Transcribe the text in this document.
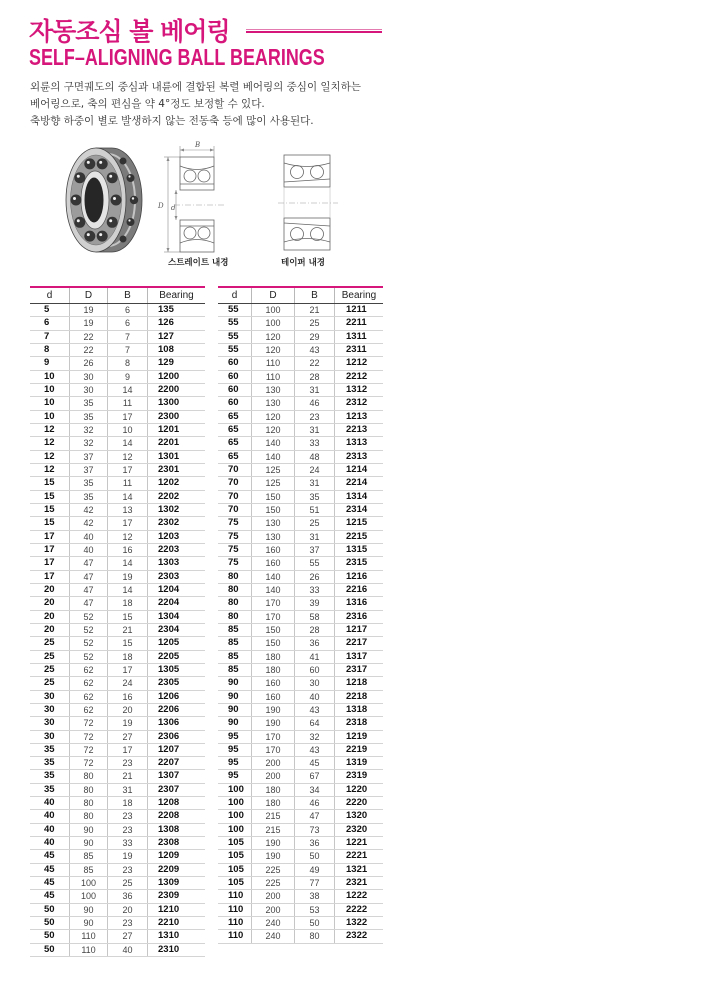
자동조심 볼 베어링
SELF–ALIGNING BALL BEARINGS
외륜의 구면궤도의 중심과 내륜에 결합된 복렬 베어링의 중심이 일치하는
베어링으로, 축의 편심을 약 4°정도 보정할 수 있다.
축방향 하중이 별로 발생하지 않는 전동축 등에 많이 사용된다.
B
D d
스트레이트 내경	테이퍼 내경
d	D	B	Bearing
5	19	6	135
6	19	6	126
7	22	7	127
8	22	7	108
9	26	8	129
10	30	9	1200
10	30	14	2200
10	35	11	1300
10	35	17	2300
12	32	10	1201
12	32	14	2201
12	37	12	1301
12	37	17	2301
15	35	11	1202
15	35	14	2202
15	42	13	1302
15	42	17	2302
17	40	12	1203
17	40	16	2203
17	47	14	1303
17	47	19	2303
20	47	14	1204
20	47	18	2204
20	52	15	1304
20	52	21	2304
25	52	15	1205
25	52	18	2205
25	62	17	1305
25	62	24	2305
30	62	16	1206
30	62	20	2206
30	72	19	1306
30	72	27	2306
35	72	17	1207
35	72	23	2207
35	80	21	1307
35	80	31	2307
40	80	18	1208
40	80	23	2208
40	90	23	1308
40	90	33	2308
45	85	19	1209
45	85	23	2209
45	100	25	1309
45	100	36	2309
50	90	20	1210
50	90	23	2210
50	110	27	1310
50	110	40	2310
d	D	B	Bearing
55	100	21	1211
55	100	25	2211
55	120	29	1311
55	120	43	2311
60	110	22	1212
60	110	28	2212
60	130	31	1312
60	130	46	2312
65	120	23	1213
65	120	31	2213
65	140	33	1313
65	140	48	2313
70	125	24	1214
70	125	31	2214
70	150	35	1314
70	150	51	2314
75	130	25	1215
75	130	31	2215
75	160	37	1315
75	160	55	2315
80	140	26	1216
80	140	33	2216
80	170	39	1316
80	170	58	2316
85	150	28	1217
85	150	36	2217
85	180	41	1317
85	180	60	2317
90	160	30	1218
90	160	40	2218
90	190	43	1318
90	190	64	2318
95	170	32	1219
95	170	43	2219
95	200	45	1319
95	200	67	2319
100	180	34	1220
100	180	46	2220
100	215	47	1320
100	215	73	2320
105	190	36	1221
105	190	50	2221
105	225	49	1321
105	225	77	2321
110	200	38	1222
110	200	53	2222
110	240	50	1322
110	240	80	2322
